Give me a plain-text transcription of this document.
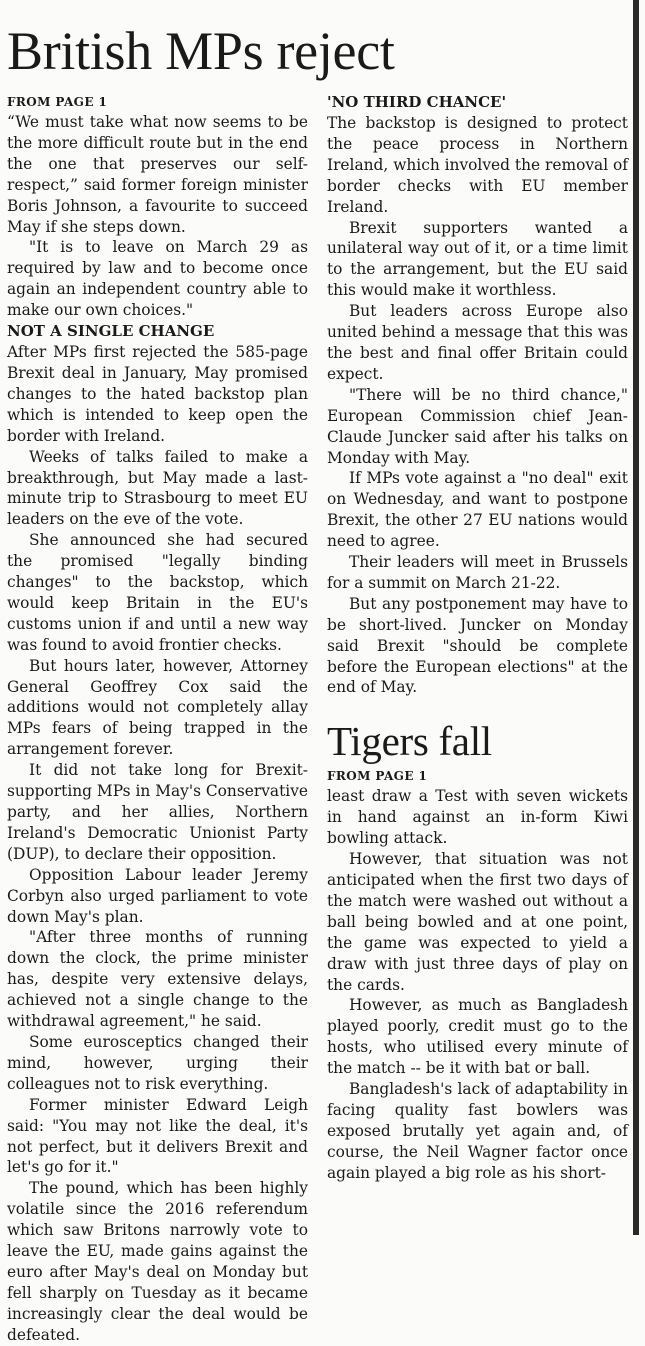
British MPs reject
FROM PAGE 1

“We must take what now seems to be the more difficult route but in the end the one that preserves our self-respect,” said former foreign minister Boris Johnson, a favourite to succeed May if she steps down.

"It is to leave on March 29 as required by law and to become once again an independent country able to make our own choices."

NOT A SINGLE CHANGE

After MPs first rejected the 585-page Brexit deal in January, May promised changes to the hated backstop plan which is intended to keep open the border with Ireland.

Weeks of talks failed to make a breakthrough, but May made a last-minute trip to Strasbourg to meet EU leaders on the eve of the vote.

She announced she had secured the promised "legally binding changes" to the backstop, which would keep Britain in the EU's customs union if and until a new way was found to avoid frontier checks.

But hours later, however, Attorney General Geoffrey Cox said the additions would not completely allay MPs fears of being trapped in the arrangement forever.

It did not take long for Brexit-supporting MPs in May's Conservative party, and her allies, Northern Ireland's Democratic Unionist Party (DUP), to declare their opposition.

Opposition Labour leader Jeremy Corbyn also urged parliament to vote down May's plan.

"After three months of running down the clock, the prime minister has, despite very extensive delays, achieved not a single change to the withdrawal agreement," he said.

Some eurosceptics changed their mind, however, urging their colleagues not to risk everything.

Former minister Edward Leigh said: "You may not like the deal, it's not perfect, but it delivers Brexit and let's go for it."

The pound, which has been highly volatile since the 2016 referendum which saw Britons narrowly vote to leave the EU, made gains against the euro after May's deal on Monday but fell sharply on Tuesday as it became increasingly clear the deal would be defeated.

'NO THIRD CHANCE'

The backstop is designed to protect the peace process in Northern Ireland, which involved the removal of border checks with EU member Ireland.

Brexit supporters wanted a unilateral way out of it, or a time limit to the arrangement, but the EU said this would make it worthless.

But leaders across Europe also united behind a message that this was the best and final offer Britain could expect.

"There will be no third chance," European Commission chief Jean-Claude Juncker said after his talks on Monday with May.

If MPs vote against a "no deal" exit on Wednesday, and want to postpone Brexit, the other 27 EU nations would need to agree.

Their leaders will meet in Brussels for a summit on March 21-22.

But any postponement may have to be short-lived. Juncker on Monday said Brexit "should be complete before the European elections" at the end of May.

Tigers fall
FROM PAGE 1

least draw a Test with seven wickets in hand against an in-form Kiwi bowling attack.

However, that situation was not anticipated when the first two days of the match were washed out without a ball being bowled and at one point, the game was expected to yield a draw with just three days of play on the cards.

However, as much as Bangladesh played poorly, credit must go to the hosts, who utilised every minute of the match -- be it with bat or ball.

Bangladesh's lack of adaptability in facing quality fast bowlers was exposed brutally yet again and, of course, the Neil Wagner factor once again played a big role as his short-
